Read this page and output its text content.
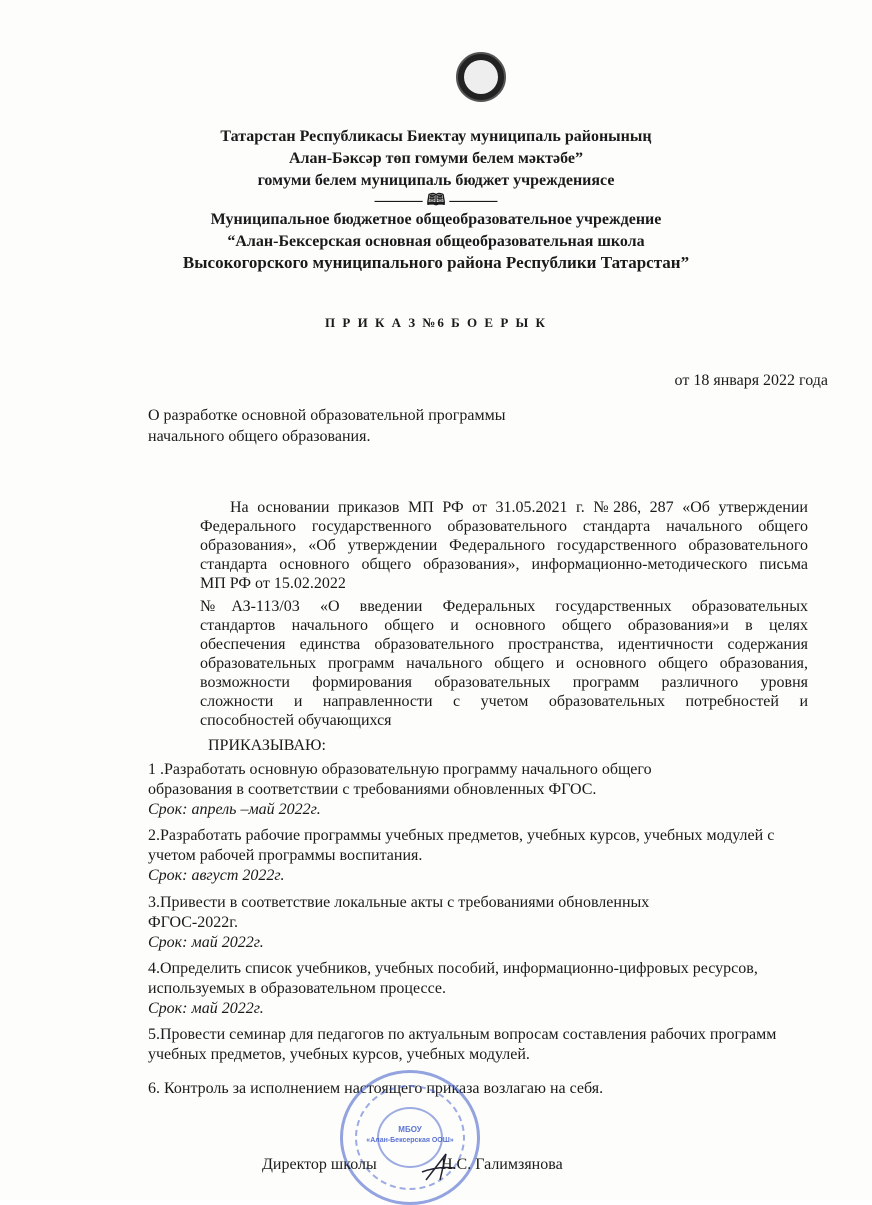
Татарстан Республикасы Биектау муниципаль районының
Алан-Бәксәр төп гомуми белем мәктәбе”
гомуми белем муниципаль бюджет учреждениясе
——— 🕮 ———
Муниципальное бюджетное общеобразовательное учреждение
“Алан-Бексерская основная общеобразовательная школа
Высокогорского муниципального района Республики Татарстан”
П Р И К А З №6 Б О Е Р Ы К
от 18 января 2022 года
О разработке основной образовательной программы
начального общего образования.
На основании приказов МП РФ от 31.05.2021 г. №286, 287 «Об утверждении
Федерального государственного образовательного стандарта начального общего
образования», «Об утверждении Федерального государственного образовательного
стандарта основного общего образования», информационно-методического письма
МП РФ от 15.02.2022
№АЗ-113/03 «О введении Федеральных государственных образовательных
стандартов начального общего и основного общего образования»и в целях
обеспечения единства образовательного пространства, идентичности содержания
образовательных программ начального общего и основного общего образования,
возможности формирования образовательных программ различного уровня
сложности и направленности с учетом образовательных потребностей и
способностей обучающихся
ПРИКАЗЫВАЮ:
1 .Разработать основную образовательную программу начального общего
образования в соответствии с требованиями обновленных ФГОС.
Срок: апрель –май 2022г.
2.Разработать рабочие программы учебных предметов, учебных курсов, учебных модулей с
учетом рабочей программы воспитания.
Срок: август 2022г.
3.Привести в соответствие локальные акты с требованиями обновленных
ФГОС-2022г.
Срок: май 2022г.
4.Определить список учебников, учебных пособий, информационно-цифровых ресурсов,
используемых в образовательном процессе.
Срок: май 2022г.
5.Провести семинар для педагогов по актуальным вопросам составления рабочих программ
учебных предметов, учебных курсов, учебных модулей.
6. Контроль за исполнением настоящего приказа возлагаю на себя.
МБОУ
«Алан-Бексерская ООШ»
Директор школы	Н.С. Галимзянова
